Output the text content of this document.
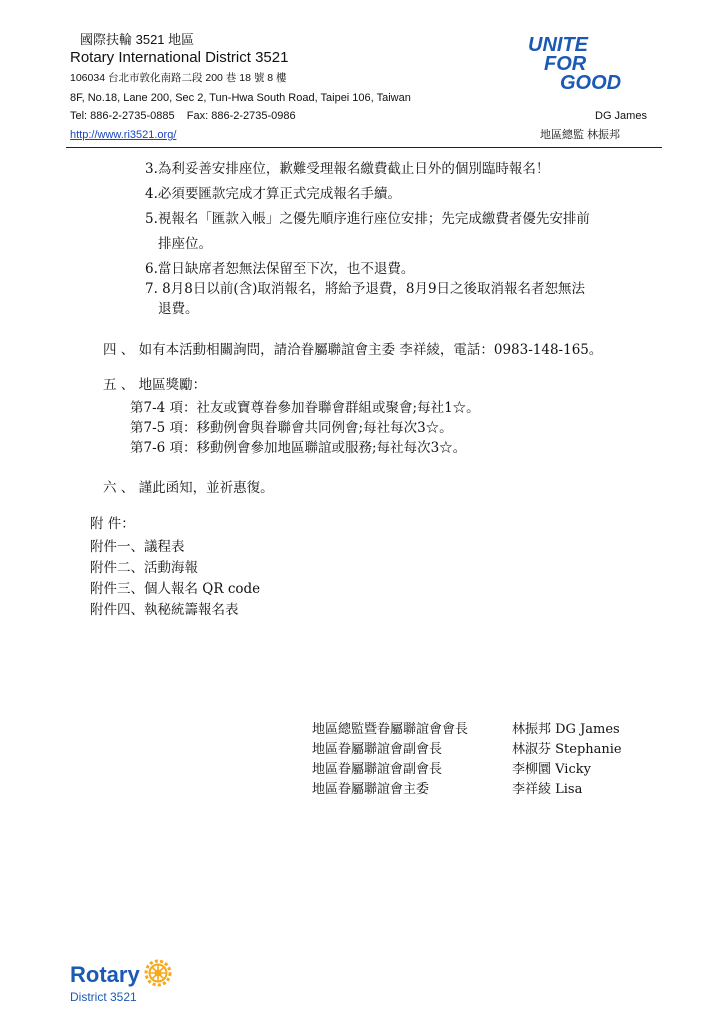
國際扶輪 3521 地區
Rotary International District 3521
106034 台北市敦化南路二段 200 巷 18 號 8 樓
8F, No.18, Lane 200, Sec 2, Tun-Hwa South Road, Taipei 106, Taiwan
Tel: 886-2-2735-0885    Fax: 886-2-2735-0986
http://www.ri3521.org/
UNITE
FOR
GOOD
DG James
地區總監 林振邦
3.為利妥善安排座位，歉難受理報名繳費截止日外的個別臨時報名！
4.必須要匯款完成才算正式完成報名手續。
5.視報名「匯款入帳」之優先順序進行座位安排；先完成繳費者優先安排前
排座位。
6.當日缺席者恕無法保留至下次，也不退費。
7. 8月8日以前(含)取消報名，將給予退費，8月9日之後取消報名者恕無法
退費。
四 、 如有本活動相關詢問，請洽眷屬聯誼會主委 李祥綾，電話：0983-148-165。
五 、 地區獎勵：
第7-4 項：社友或寶尊眷參加眷聯會群組或聚會;每社1☆。
第7-5 項：移動例會與眷聯會共同例會;每社每次3☆。
第7-6 項：移動例會參加地區聯誼或服務;每社每次3☆。
六 、 謹此函知，並祈惠復。
附 件：
附件一、議程表
附件二、活動海報
附件三、個人報名 QR code
附件四、執秘統籌報名表
地區總監暨眷屬聯誼會會長	林振邦 DG James
地區眷屬聯誼會副會長	林淑芬 Stephanie
地區眷屬聯誼會副會長	李柳圜 Vicky
地區眷屬聯誼會主委	李祥綾 Lisa
Rotary
District 3521
